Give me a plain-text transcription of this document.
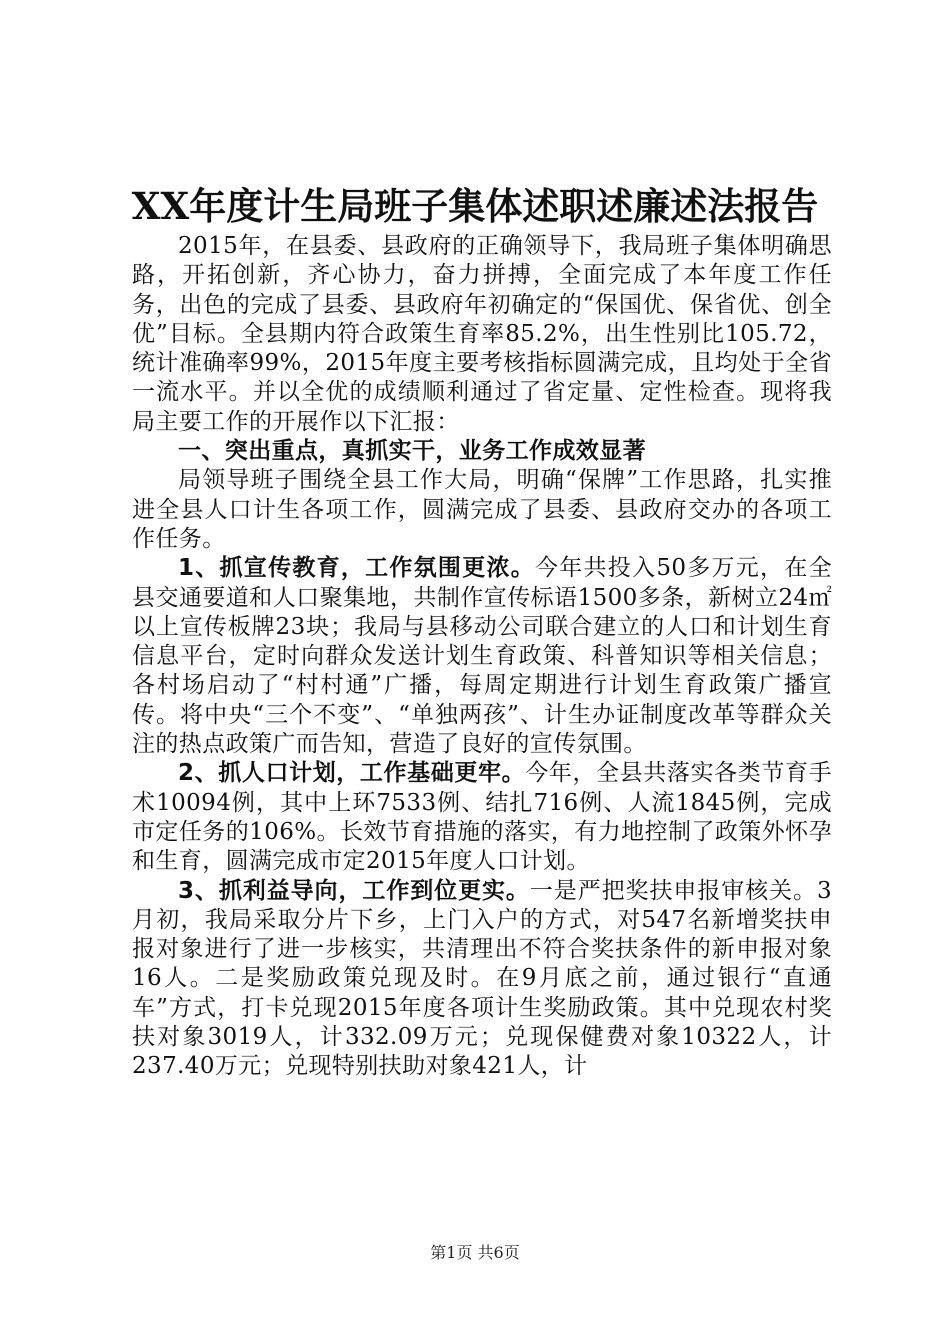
XX年度计生局班子集体述职述廉述法报告

2015年，在县委、县政府的正确领导下，我局班子集体明确思路，开拓创新，齐心协力，奋力拼搏，全面完成了本年度工作任务，出色的完成了县委、县政府年初确定的“保国优、保省优、创全优”目标。全县期内符合政策生育率85.2%，出生性别比105.72，统计准确率99%，2015年度主要考核指标圆满完成，且均处于全省一流水平。并以全优的成绩顺利通过了省定量、定性检查。现将我局主要工作的开展作以下汇报：

一、突出重点，真抓实干，业务工作成效显著

局领导班子围绕全县工作大局，明确“保牌”工作思路，扎实推进全县人口计生各项工作，圆满完成了县委、县政府交办的各项工作任务。

1、抓宣传教育，工作氛围更浓。今年共投入50多万元，在全县交通要道和人口聚集地，共制作宣传标语1500多条，新树立24㎡以上宣传板牌23块；我局与县移动公司联合建立的人口和计划生育信息平台，定时向群众发送计划生育政策、科普知识等相关信息；各村场启动了“村村通”广播，每周定期进行计划生育政策广播宣传。将中央“三个不变”、“单独两孩”、计生办证制度改革等群众关注的热点政策广而告知，营造了良好的宣传氛围。

2、抓人口计划，工作基础更牢。今年，全县共落实各类节育手术10094例，其中上环7533例、结扎716例、人流1845例，完成市定任务的106%。长效节育措施的落实，有力地控制了政策外怀孕和生育，圆满完成市定2015年度人口计划。

3、抓利益导向，工作到位更实。一是严把奖扶申报审核关。3月初，我局采取分片下乡，上门入户的方式，对547名新增奖扶申报对象进行了进一步核实，共清理出不符合奖扶条件的新申报对象16人。二是奖励政策兑现及时。在9月底之前，通过银行“直通车”方式，打卡兑现2015年度各项计生奖励政策。其中兑现农村奖扶对象3019人，计332.09万元；兑现保健费对象10322人，计237.40万元；兑现特别扶助对象421人，计

第1页 共6页
